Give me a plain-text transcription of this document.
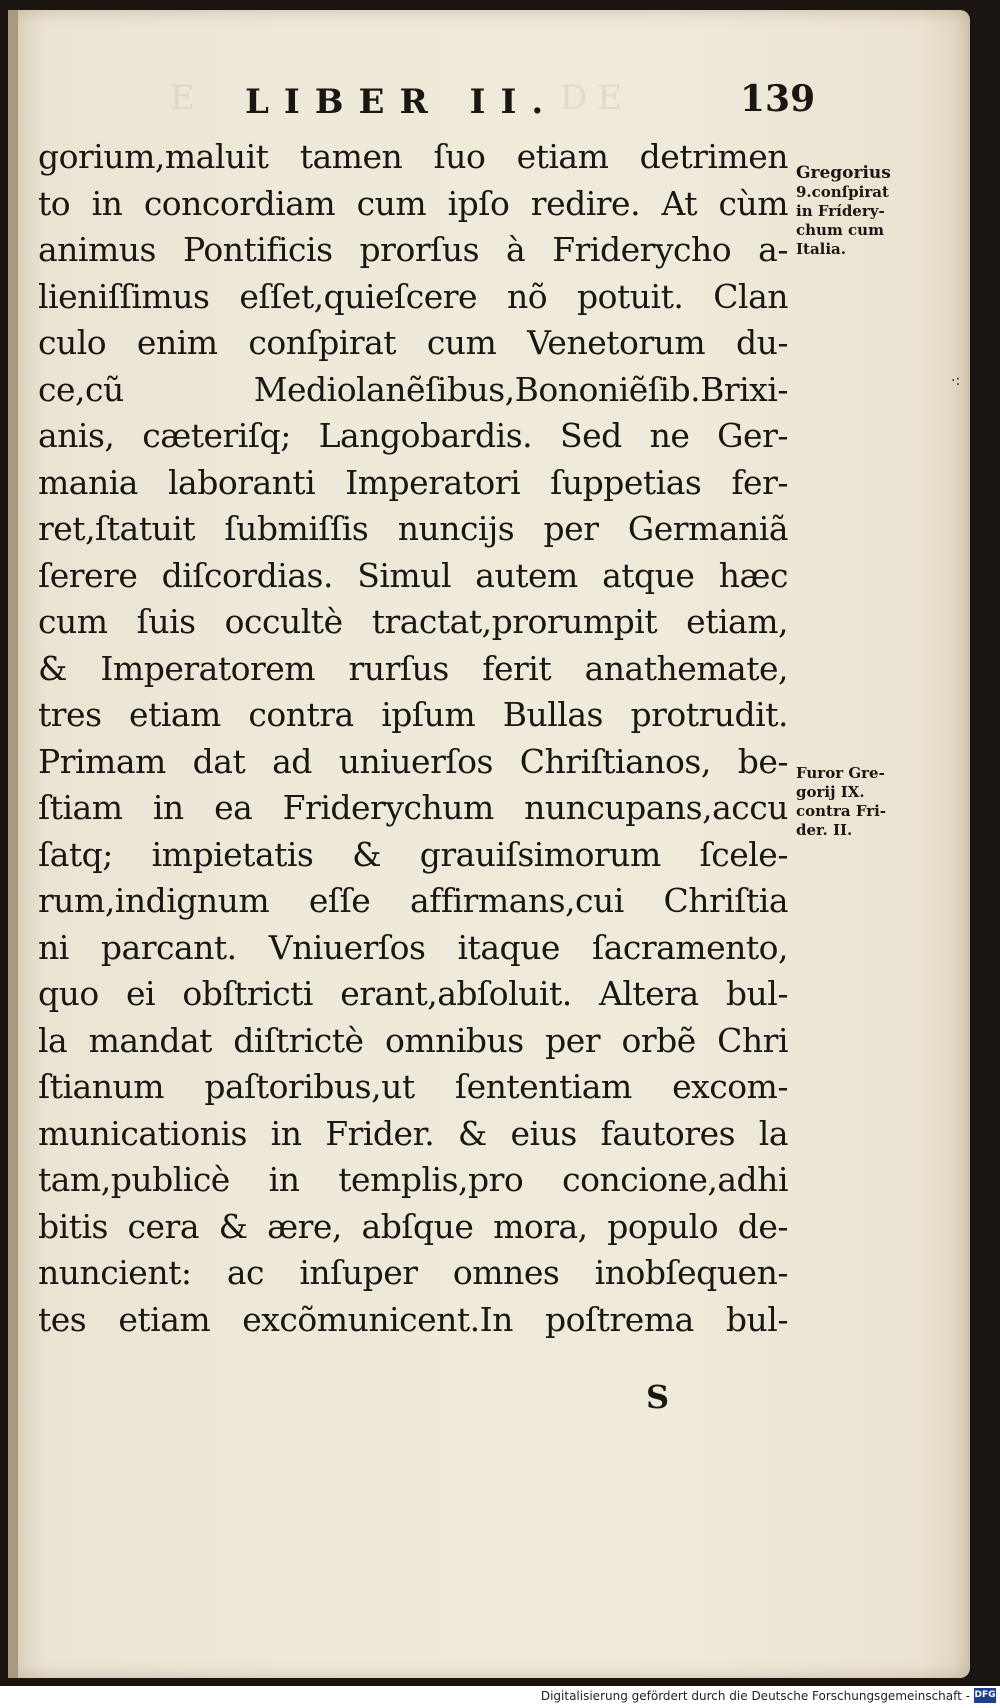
E	DE
LIBER II.	139
gorium,maluit tamen ſuo etiam detrimen
to in concordiam cum ipſo redire. At cùm
animus Pontificis prorſus à Friderycho a-
lieniſſimus eſſet,quieſcere nõ potuit. Clan
culo enim conſpirat cum Venetorum du-
ce,cũ Mediolanẽſibus,Bononiẽſib.Brixi-
anis, cæteriſq; Langobardis. Sed ne Ger-
mania laboranti Imperatori ſuppetias fer-
ret,ſtatuit ſubmiſſis nuncijs per Germaniã
ſerere diſcordias. Simul autem atque hæc
cum ſuis occultè tractat,prorumpit etiam,
& Imperatorem rurſus ferit anathemate,
tres etiam contra ipſum Bullas protrudit.
Primam dat ad uniuerſos Chriſtianos, be-
ſtiam in ea Friderychum nuncupans,accu
ſatq; impietatis & grauiſsimorum ſcele-
rum,indignum eſſe affirmans,cui Chriſtia
ni parcant. Vniuerſos itaque ſacramento,
quo ei obſtricti erant,abſoluit. Altera bul-
la mandat diſtrictè omnibus per orbẽ Chri
ſtianum paſtoribus,ut ſententiam excom-
municationis in Frider. & eius fautores la
tam,publicè in templis,pro concione,adhi
bitis cera & ære, abſque mora, populo de-
nuncient: ac inſuper omnes inobſequen-
tes etiam excõmunicent.In poſtrema bul-
S
Gregorius
9.conſpirat
in Frídery-
chum cum
Italia.
Furor Gre-
gorij IX.
contra Fri-
der. II.
·:
Digitalisierung gefördert durch die Deutsche Forschungsgemeinschaft - DFG
